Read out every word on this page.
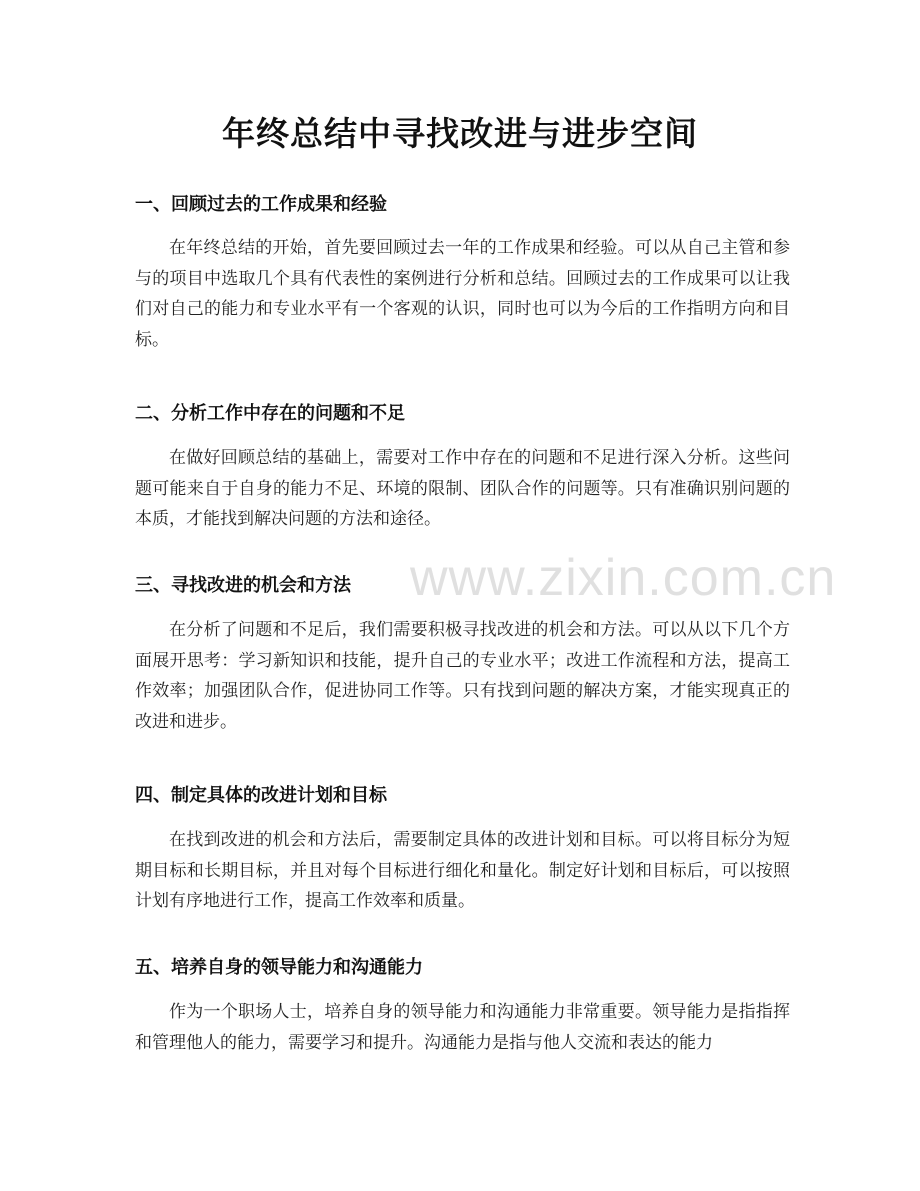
年终总结中寻找改进与进步空间
一、回顾过去的工作成果和经验
在年终总结的开始，首先要回顾过去一年的工作成果和经验。可以从自己主管和参与的项目中选取几个具有代表性的案例进行分析和总结。回顾过去的工作成果可以让我们对自己的能力和专业水平有一个客观的认识，同时也可以为今后的工作指明方向和目标。
二、分析工作中存在的问题和不足
在做好回顾总结的基础上，需要对工作中存在的问题和不足进行深入分析。这些问题可能来自于自身的能力不足、环境的限制、团队合作的问题等。只有准确识别问题的本质，才能找到解决问题的方法和途径。
三、寻找改进的机会和方法
在分析了问题和不足后，我们需要积极寻找改进的机会和方法。可以从以下几个方面展开思考：学习新知识和技能，提升自己的专业水平；改进工作流程和方法，提高工作效率；加强团队合作，促进协同工作等。只有找到问题的解决方案，才能实现真正的改进和进步。
四、制定具体的改进计划和目标
在找到改进的机会和方法后，需要制定具体的改进计划和目标。可以将目标分为短期目标和长期目标，并且对每个目标进行细化和量化。制定好计划和目标后，可以按照计划有序地进行工作，提高工作效率和质量。
五、培养自身的领导能力和沟通能力
作为一个职场人士，培养自身的领导能力和沟通能力非常重要。领导能力是指指挥和管理他人的能力，需要学习和提升。沟通能力是指与他人交流和表达的能力
www.zixin.com.cn
